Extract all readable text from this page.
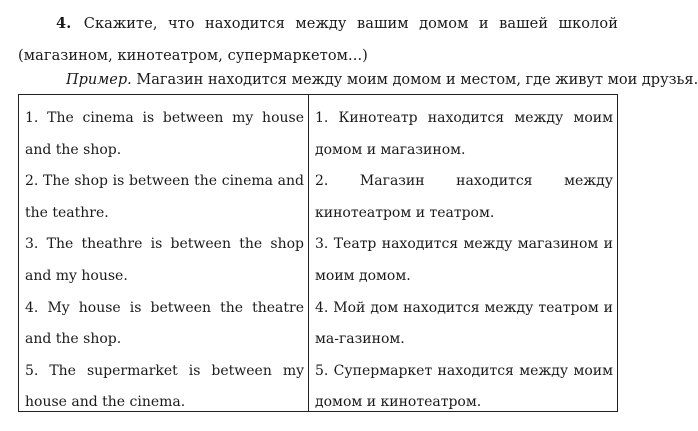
4. Скажите, что находится между вашим домом и вашей школой (магазином, кинотеатром, супермаркетом...)
Пример. Магазин находится между моим домом и местом, где живут мои друзья.
1. The cinema is between my house and the shop.
2. The shop is between the cinema and the teathre.
3. The theathre is between the shop and my house.
4. My house is between the theatre and the shop.
5. The supermarket is between my house and the cinema.
1. Кинотеатр находится между моим домом и магазином.
2. Магазин находится между кинотеатром и театром.
3. Театр находится между магазином и моим домом.
4. Мой дом находится между театром и ма-газином.
5. Супермаркет находится между моим домом и кинотеатром.
